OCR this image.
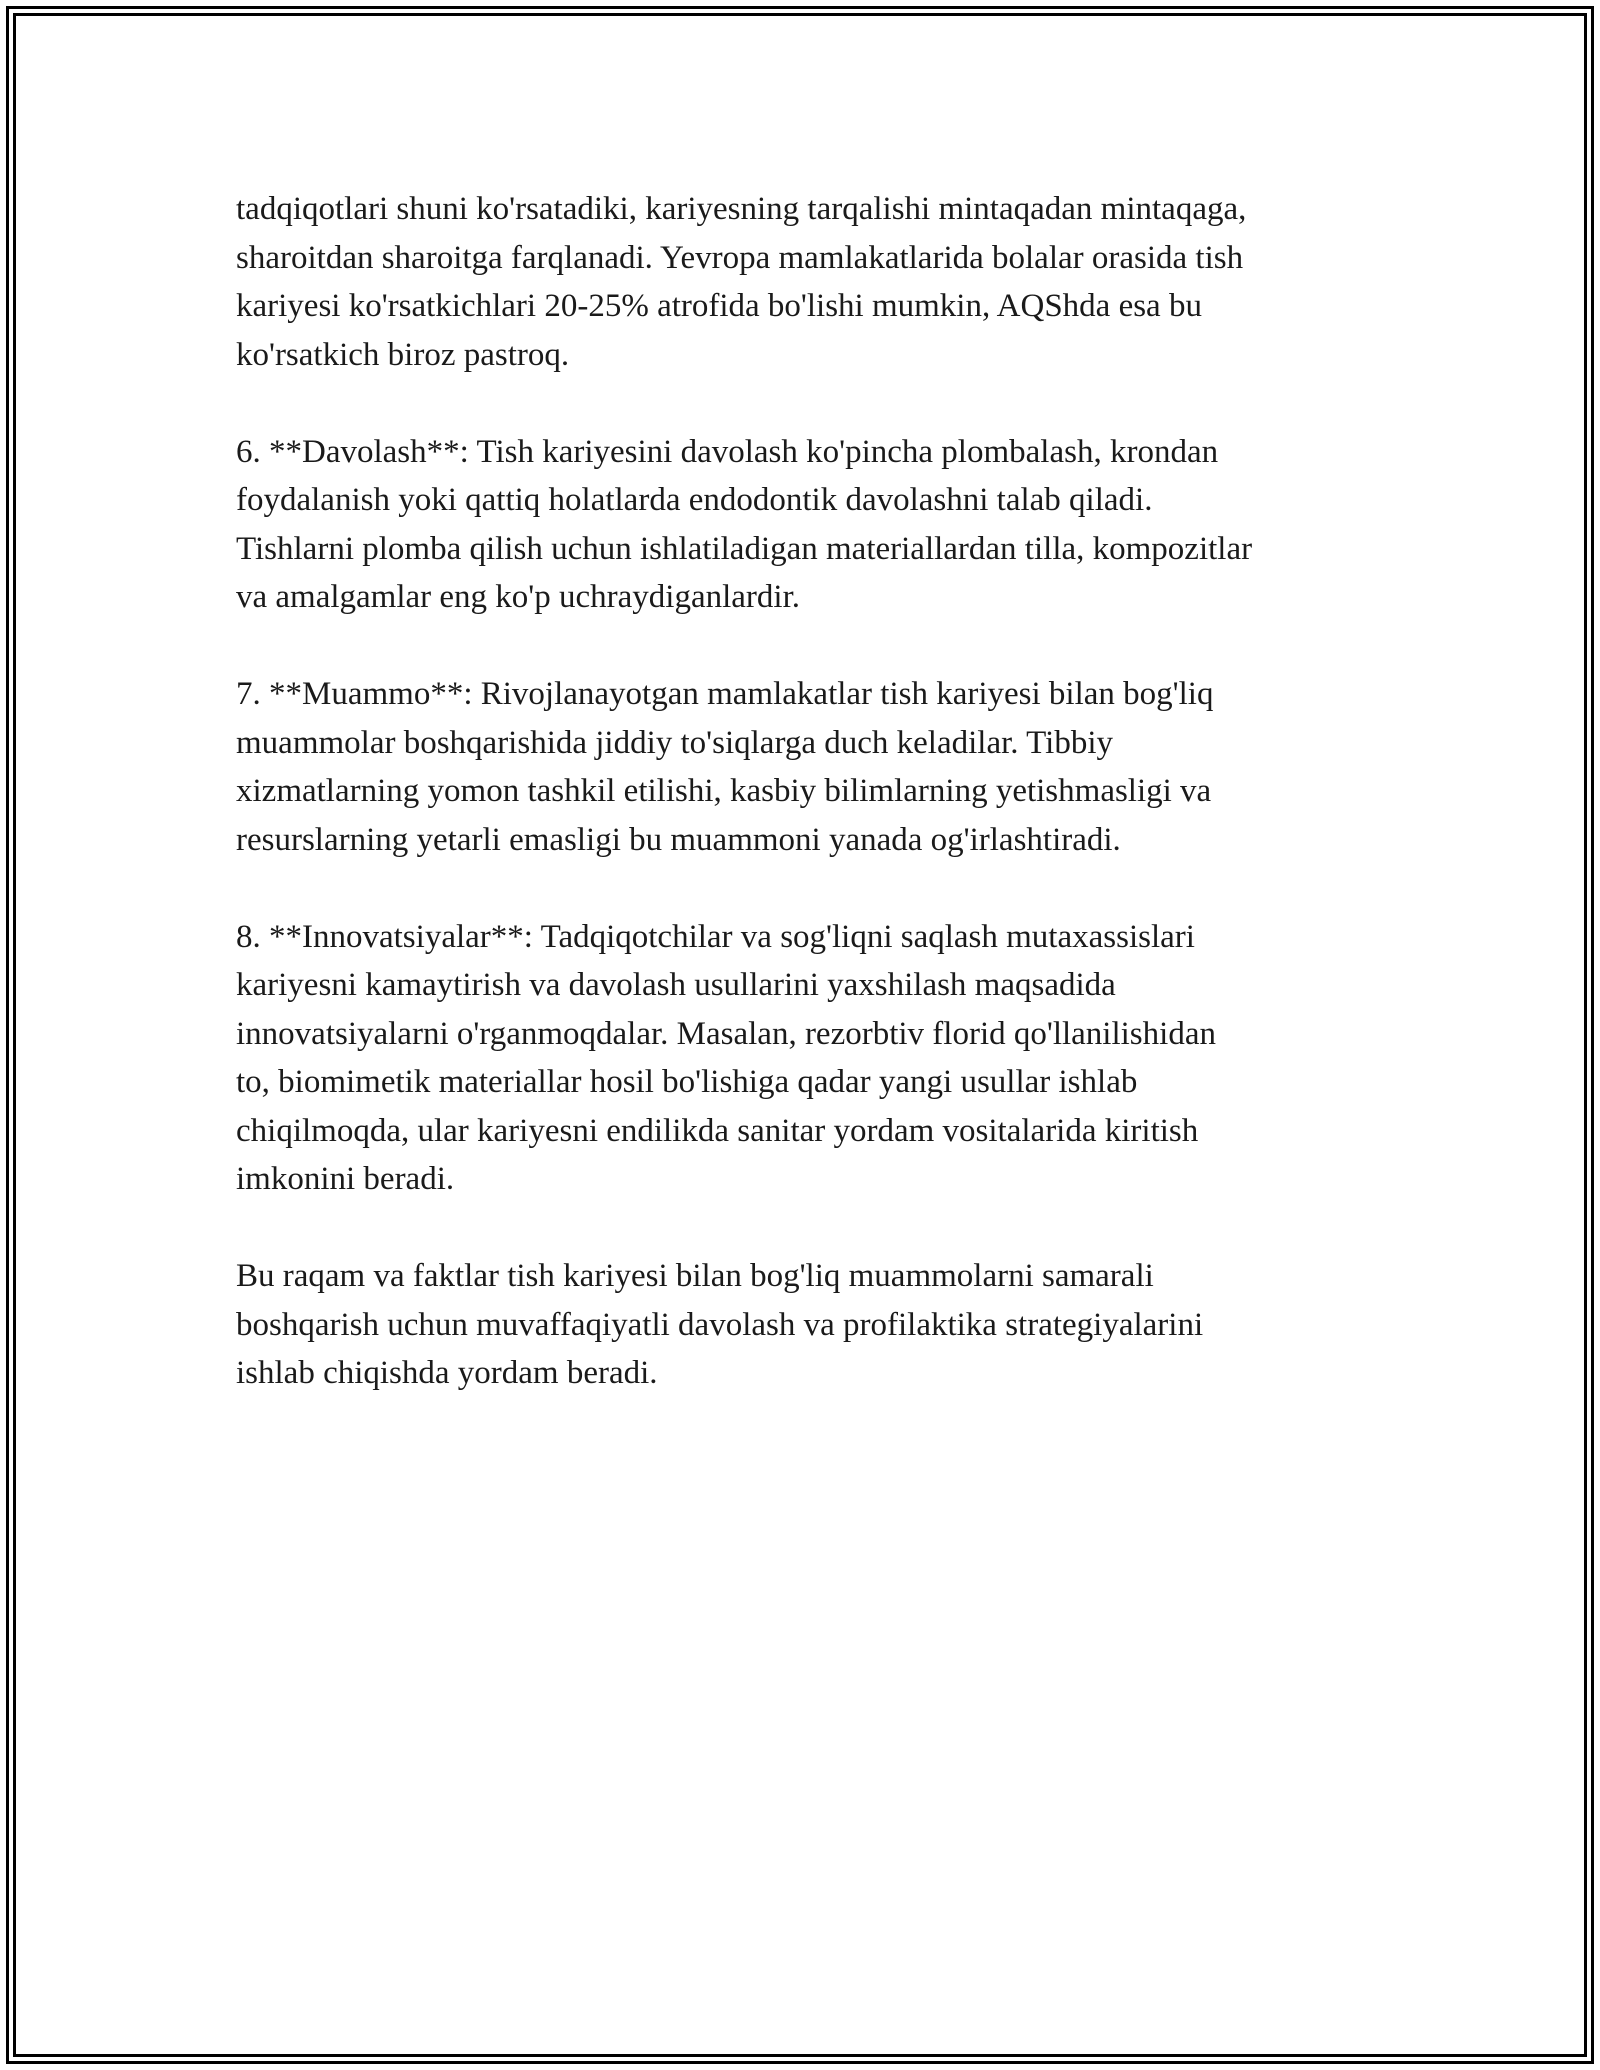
tadqiqotlari shuni ko'rsatadiki, kariyesning tarqalishi mintaqadan mintaqaga,
sharoitdan sharoitga farqlanadi. Yevropa mamlakatlarida bolalar orasida tish
kariyesi ko'rsatkichlari 20-25% atrofida bo'lishi mumkin, AQShda esa bu
ko'rsatkich biroz pastroq.

6. **Davolash**: Tish kariyesini davolash ko'pincha plombalash, krondan
foydalanish yoki qattiq holatlarda endodontik davolashni talab qiladi.
Tishlarni plomba qilish uchun ishlatiladigan materiallardan tilla, kompozitlar
va amalgamlar eng ko'p uchraydiganlardir.

7. **Muammo**: Rivojlanayotgan mamlakatlar tish kariyesi bilan bog'liq
muammolar boshqarishida jiddiy to'siqlarga duch keladilar. Tibbiy
xizmatlarning yomon tashkil etilishi, kasbiy bilimlarning yetishmasligi va
resurslarning yetarli emasligi bu muammoni yanada og'irlashtiradi.

8. **Innovatsiyalar**: Tadqiqotchilar va sog'liqni saqlash mutaxassislari
kariyesni kamaytirish va davolash usullarini yaxshilash maqsadida
innovatsiyalarni o'rganmoqdalar. Masalan, rezorbtiv florid qo'llanilishidan
to, biomimetik materiallar hosil bo'lishiga qadar yangi usullar ishlab
chiqilmoqda, ular kariyesni endilikda sanitar yordam vositalarida kiritish
imkonini beradi.

Bu raqam va faktlar tish kariyesi bilan bog'liq muammolarni samarali
boshqarish uchun muvaffaqiyatli davolash va profilaktika strategiyalarini
ishlab chiqishda yordam beradi.
